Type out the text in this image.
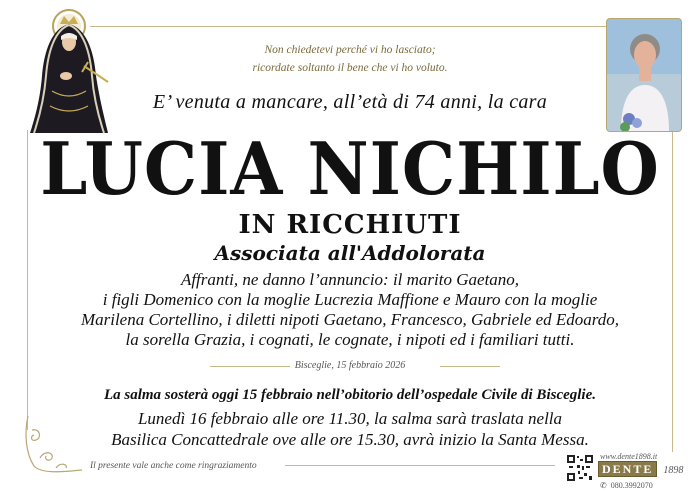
Non chiedetevi perché vi ho lasciato;
ricordate soltanto il bene che vi ho voluto.
E’ venuta a mancare, all’età di 74 anni, la cara
LUCIA NICHILO
IN RICCHIUTI
Associata all'Addolorata
Affranti, ne danno l’annuncio: il marito Gaetano,
i figli Domenico con la moglie Lucrezia Maffione e Mauro con la moglie
Marilena Cortellino, i diletti nipoti Gaetano, Francesco, Gabriele ed Edoardo,
la sorella Grazia, i cognati, le cognate, i nipoti ed i familiari tutti.
Bisceglie, 15 febbraio 2026
La salma sosterà oggi 15 febbraio nell’obitorio dell’ospedale Civile di Bisceglie.
Lunedì 16 febbraio alle ore 11.30, la salma sarà traslata nella
Basilica Concattedrale ove alle ore 15.30, avrà inizio la Santa Messa.
Il presente vale anche come ringraziamento
www.dente1898.it
DENTE 1898
✆ 080.3992070
